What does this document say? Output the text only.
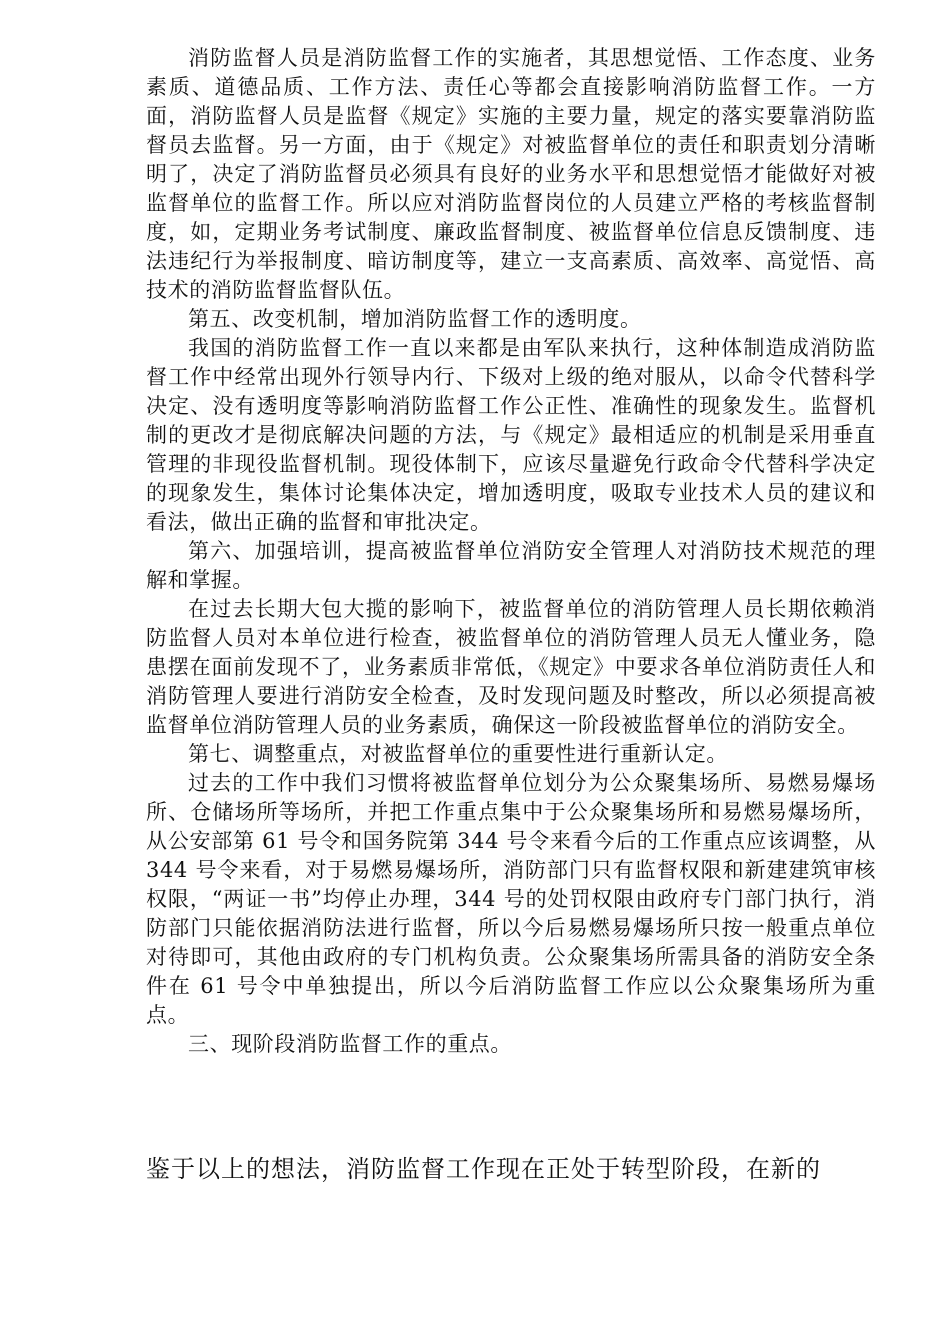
消防监督人员是消防监督工作的实施者，其思想觉悟、工作态度、业务素质、道德品质、工作方法、责任心等都会直接影响消防监督工作。一方面，消防监督人员是监督《规定》实施的主要力量，规定的落实要靠消防监督员去监督。另一方面，由于《规定》对被监督单位的责任和职责划分清晰明了，决定了消防监督员必须具有良好的业务水平和思想觉悟才能做好对被监督单位的监督工作。所以应对消防监督岗位的人员建立严格的考核监督制度，如，定期业务考试制度、廉政监督制度、被监督单位信息反馈制度、违法违纪行为举报制度、暗访制度等，建立一支高素质、高效率、高觉悟、高技术的消防监督监督队伍。

第五、改变机制，增加消防监督工作的透明度。

我国的消防监督工作一直以来都是由军队来执行，这种体制造成消防监督工作中经常出现外行领导内行、下级对上级的绝对服从，以命令代替科学决定、没有透明度等影响消防监督工作公正性、准确性的现象发生。监督机制的更改才是彻底解决问题的方法，与《规定》最相适应的机制是采用垂直管理的非现役监督机制。现役体制下，应该尽量避免行政命令代替科学决定的现象发生，集体讨论集体决定，增加透明度，吸取专业技术人员的建议和看法，做出正确的监督和审批决定。

第六、加强培训，提高被监督单位消防安全管理人对消防技术规范的理解和掌握。

在过去长期大包大揽的影响下，被监督单位的消防管理人员长期依赖消防监督人员对本单位进行检查，被监督单位的消防管理人员无人懂业务，隐患摆在面前发现不了，业务素质非常低，《规定》中要求各单位消防责任人和消防管理人要进行消防安全检查，及时发现问题及时整改，所以必须提高被监督单位消防管理人员的业务素质，确保这一阶段被监督单位的消防安全。

第七、调整重点，对被监督单位的重要性进行重新认定。

过去的工作中我们习惯将被监督单位划分为公众聚集场所、易燃易爆场所、仓储场所等场所，并把工作重点集中于公众聚集场所和易燃易爆场所，从公安部第 61 号令和国务院第 344 号令来看今后的工作重点应该调整，从 344 号令来看，对于易燃易爆场所，消防部门只有监督权限和新建建筑审核权限，“两证一书”均停止办理，344 号的处罚权限由政府专门部门执行，消防部门只能依据消防法进行监督，所以今后易燃易爆场所只按一般重点单位对待即可，其他由政府的专门机构负责。公众聚集场所需具备的消防安全条件在 61 号令中单独提出，所以今后消防监督工作应以公众聚集场所为重点。

三、现阶段消防监督工作的重点。

鉴于以上的想法，消防监督工作现在正处于转型阶段，在新的
